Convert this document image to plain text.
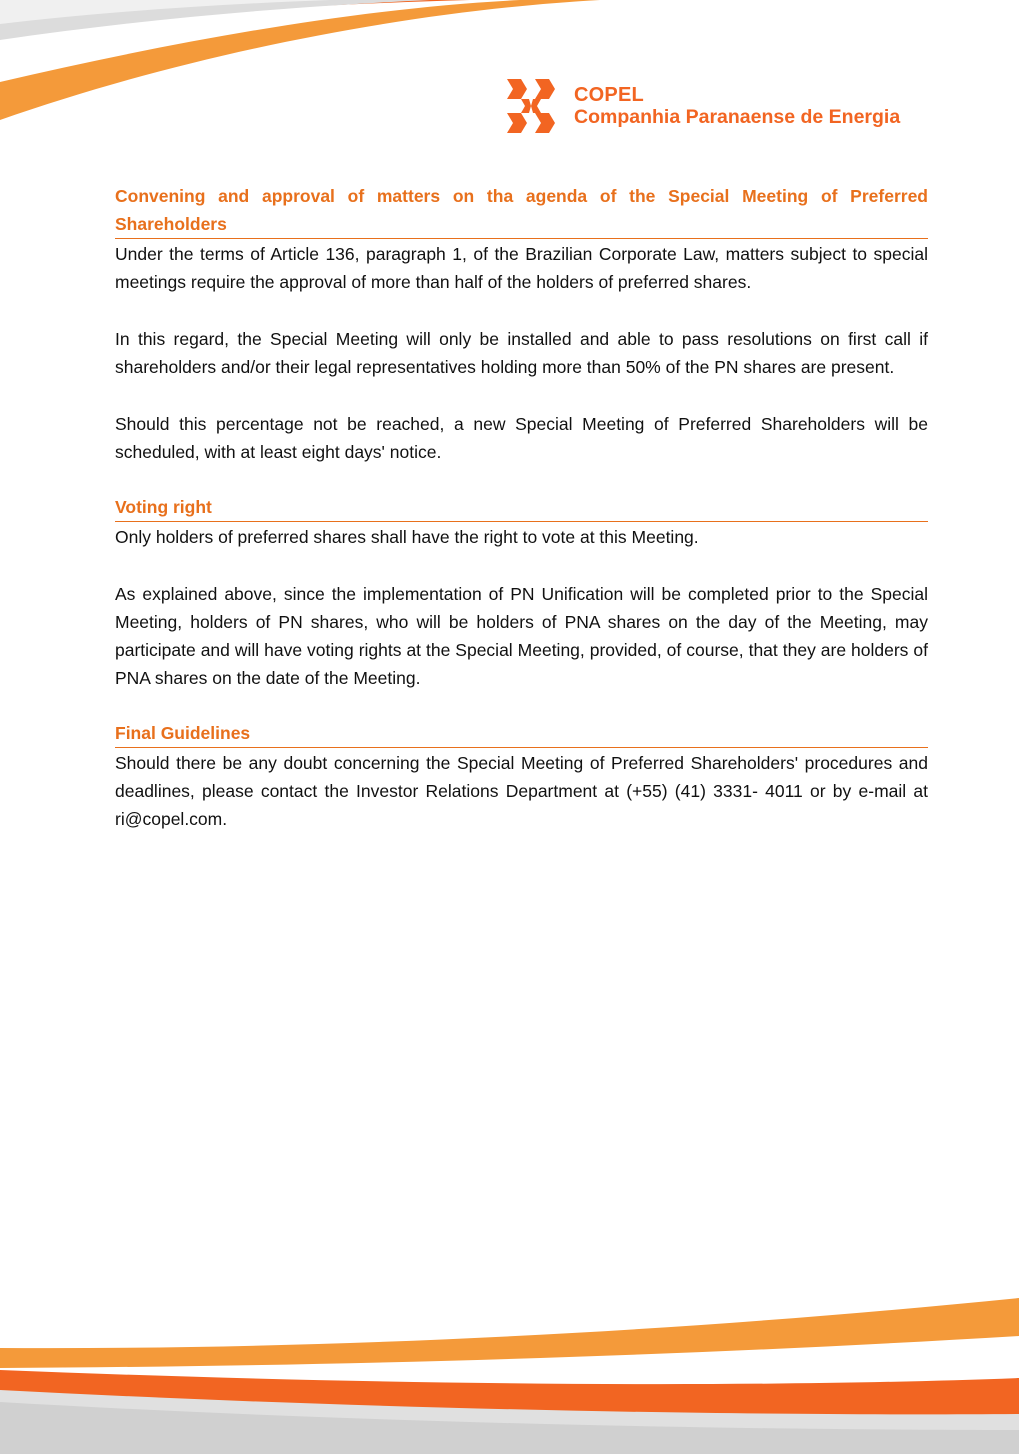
COPEL
Companhia Paranaense de Energia
Convening and approval of matters on tha agenda of the Special Meeting of Preferred Shareholders

Under the terms of Article 136, paragraph 1, of the Brazilian Corporate Law, matters subject to special meetings require the approval of more than half of the holders of preferred shares.

In this regard, the Special Meeting will only be installed and able to pass resolutions on first call if shareholders and/or their legal representatives holding more than 50% of the PN shares are present.

Should this percentage not be reached, a new Special Meeting of Preferred Shareholders will be scheduled, with at least eight days' notice.

Voting right

Only holders of preferred shares shall have the right to vote at this Meeting.

As explained above, since the implementation of PN Unification will be completed prior to the Special Meeting, holders of PN shares, who will be holders of PNA shares on the day of the Meeting, may participate and will have voting rights at the Special Meeting, provided, of course, that they are holders of PNA shares on the date of the Meeting.

Final Guidelines

Should there be any doubt concerning the Special Meeting of Preferred Shareholders' procedures and deadlines, please contact the Investor Relations Department at (+55) (41) 3331- 4011 or by e-mail at ri@copel.com.

12/18
